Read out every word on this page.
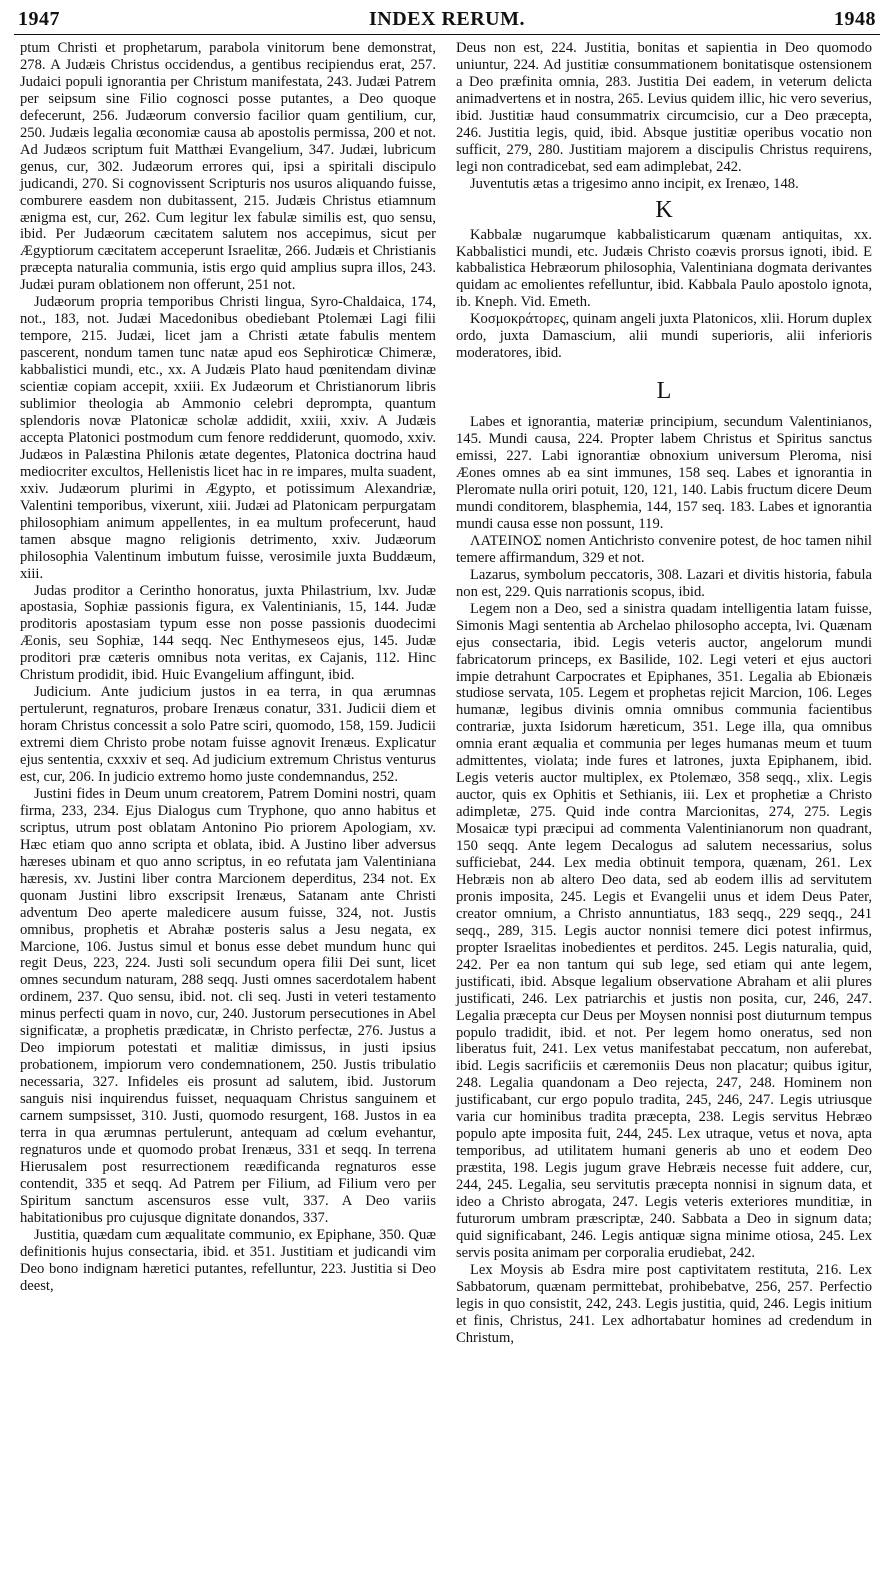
1947	INDEX RERUM.	1948

ptum Christi et prophetarum, parabola vinitorum bene demonstrat, 278. A Judæis Christus occidendus, a gentibus recipiendus erat, 257. Judaici populi ignorantia per Christum manifestata, 243. Judæi Patrem per seipsum sine Filio cognosci posse putantes, a Deo quoque defecerunt, 256. Judæorum conversio facilior quam gentilium, cur, 250. Judæis legalia œconomiæ causa ab apostolis permissa, 200 et not. Ad Judæos scriptum fuit Matthæi Evangelium, 347. Judæi, lubricum genus, cur, 302. Judæorum errores qui, ipsi a spiritali discipulo judicandi, 270. Si cognovissent Scripturis nos usuros aliquando fuisse, comburere easdem non dubitassent, 215. Judæis Christus etiamnum ænigma est, cur, 262. Cum legitur lex fabulæ similis est, quo sensu, ibid. Per Judæorum cæcitatem salutem nos accepimus, sicut per Ægyptiorum cæcitatem acceperunt Israelitæ, 266. Judæis et Christianis præcepta naturalia communia, istis ergo quid amplius supra illos, 243. Judæi puram oblationem non offerunt, 251 not.

Judæorum propria temporibus Christi lingua, Syro-Chaldaica, 174, not., 183, not. Judæi Macedonibus obediebant Ptolemæi Lagi filii tempore, 215. Judæi, licet jam a Christi ætate fabulis mentem pascerent, nondum tamen tunc natæ apud eos Sephiroticæ Chimeræ, kabbalistici mundi, etc., xx. A Judæis Plato haud pœnitendam divinæ scientiæ copiam accepit, xxiii. Ex Judæorum et Christianorum libris sublimior theologia ab Ammonio celebri deprompta, quantum splendoris novæ Platonicæ scholæ addidit, xxiii, xxiv. A Judæis accepta Platonici postmodum cum fenore reddiderunt, quomodo, xxiv. Judæos in Palæstina Philonis ætate degentes, Platonica doctrina haud mediocriter excultos, Hellenistis licet hac in re impares, multa suadent, xxiv. Judæorum plurimi in Ægypto, et potissimum Alexandriæ, Valentini temporibus, vixerunt, xiii. Judæi ad Platonicam perpurgatam philosophiam animum appellentes, in ea multum profecerunt, haud tamen absque magno religionis detrimento, xxiv. Judæorum philosophia Valentinum imbutum fuisse, verosimile juxta Buddæum, xiii.

Judas proditor a Cerintho honoratus, juxta Philastrium, lxv. Judæ apostasia, Sophiæ passionis figura, ex Valentinianis, 15, 144. Judæ proditoris apostasiam typum esse non posse passionis duodecimi Æonis, seu Sophiæ, 144 seqq. Nec Enthymeseos ejus, 145. Judæ proditori præ cæteris omnibus nota veritas, ex Cajanis, 112. Hinc Christum prodidit, ibid. Huic Evangelium affingunt, ibid.

Judicium. Ante judicium justos in ea terra, in qua ærumnas pertulerunt, regnaturos, probare Irenæus conatur, 331. Judicii diem et horam Christus concessit a solo Patre sciri, quomodo, 158, 159. Judicii extremi diem Christo probe notam fuisse agnovit Irenæus. Explicatur ejus sententia, cxxxiv et seq. Ad judicium extremum Christus venturus est, cur, 206. In judicio extremo homo juste condemnandus, 252.

Justini fides in Deum unum creatorem, Patrem Domini nostri, quam firma, 233, 234. Ejus Dialogus cum Tryphone, quo anno habitus et scriptus, utrum post oblatam Antonino Pio priorem Apologiam, xv. Hæc etiam quo anno scripta et oblata, ibid. A Justino liber adversus hæreses ubinam et quo anno scriptus, in eo refutata jam Valentiniana hæresis, xv. Justini liber contra Marcionem deperditus, 234 not. Ex quonam Justini libro exscripsit Irenæus, Satanam ante Christi adventum Deo aperte maledicere ausum fuisse, 324, not. Justis omnibus, prophetis et Abrahæ posteris salus a Jesu negata, ex Marcione, 106. Justus simul et bonus esse debet mundum hunc qui regit Deus, 223, 224. Justi soli secundum opera filii Dei sunt, licet omnes secundum naturam, 288 seqq. Justi omnes sacerdotalem habent ordinem, 237. Quo sensu, ibid. not. cli seq. Justi in veteri testamento minus perfecti quam in novo, cur, 240. Justorum persecutiones in Abel significatæ, a prophetis prædicatæ, in Christo perfectæ, 276. Justus a Deo impiorum potestati et malitiæ dimissus, in justi ipsius probationem, impiorum vero condemnationem, 250. Justis tribulatio necessaria, 327. Infideles eis prosunt ad salutem, ibid. Justorum sanguis nisi inquirendus fuisset, nequaquam Christus sanguinem et carnem sumpsisset, 310. Justi, quomodo resurgent, 168. Justos in ea terra in qua ærumnas pertulerunt, antequam ad cœlum evehantur, regnaturos unde et quomodo probat Irenæus, 331 et seqq. In terrena Hierusalem post resurrectionem reædificanda regnaturos esse contendit, 335 et seqq. Ad Patrem per Filium, ad Filium vero per Spiritum sanctum ascensuros esse vult, 337. A Deo variis habitationibus pro cujusque dignitate donandos, 337.

Justitia, quædam cum æqualitate communio, ex Epiphane, 350. Quæ definitionis hujus consectaria, ibid. et 351. Justitiam et judicandi vim Deo bono indignam hæretici putantes, refelluntur, 223. Justitia si Deo deest,

Deus non est, 224. Justitia, bonitas et sapientia in Deo quomodo uniuntur, 224. Ad justitiæ consummationem bonitatisque ostensionem a Deo præfinita omnia, 283. Justitia Dei eadem, in veterum delicta animadvertens et in nostra, 265. Levius quidem illic, hic vero severius, ibid. Justitiæ haud consummatrix circumcisio, cur a Deo præcepta, 246. Justitia legis, quid, ibid. Absque justitiæ operibus vocatio non sufficit, 279, 280. Justitiam majorem a discipulis Christus requirens, legi non contradicebat, sed eam adimplebat, 242.

Juventutis ætas a trigesimo anno incipit, ex Irenæo, 148.

K

Kabbalæ nugarumque kabbalisticarum quænam antiquitas, xx. Kabbalistici mundi, etc. Judæis Christo coævis prorsus ignoti, ibid. E kabbalistica Hebræorum philosophia, Valentiniana dogmata derivantes quidam ac emolientes refelluntur, ibid. Kabbala Paulo apostolo ignota, ib. Kneph. Vid. Emeth.

Κοσμοκράτορες, quinam angeli juxta Platonicos, xlii. Horum duplex ordo, juxta Damascium, alii mundi superioris, alii inferioris moderatores, ibid.

L

Labes et ignorantia, materiæ principium, secundum Valentinianos, 145. Mundi causa, 224. Propter labem Christus et Spiritus sanctus emissi, 227. Labi ignorantiæ obnoxium universum Pleroma, nisi Æones omnes ab ea sint immunes, 158 seq. Labes et ignorantia in Pleromate nulla oriri potuit, 120, 121, 140. Labis fructum dicere Deum mundi conditorem, blasphemia, 144, 157 seq. 183. Labes et ignorantia mundi causa esse non possunt, 119.

ΛΑΤΕΙΝΟΣ nomen Antichristo convenire potest, de hoc tamen nihil temere affirmandum, 329 et not.

Lazarus, symbolum peccatoris, 308. Lazari et divitis historia, fabula non est, 229. Quis narrationis scopus, ibid.

Legem non a Deo, sed a sinistra quadam intelligentia latam fuisse, Simonis Magi sententia ab Archelao philosopho accepta, lvi. Quænam ejus consectaria, ibid. Legis veteris auctor, angelorum mundi fabricatorum princeps, ex Basilide, 102. Legi veteri et ejus auctori impie detrahunt Carpocrates et Epiphanes, 351. Legalia ab Ebionæis studiose servata, 105. Legem et prophetas rejicit Marcion, 106. Leges humanæ, legibus divinis omnia omnibus communia facientibus contrariæ, juxta Isidorum hæreticum, 351. Lege illa, qua omnibus omnia erant æqualia et communia per leges humanas meum et tuum admittentes, violata; inde fures et latrones, juxta Epiphanem, ibid. Legis veteris auctor multiplex, ex Ptolemæo, 358 seqq., xlix. Legis auctor, quis ex Ophitis et Sethianis, iii. Lex et prophetiæ a Christo adimpletæ, 275. Quid inde contra Marcionitas, 274, 275. Legis Mosaicæ typi præcipui ad commenta Valentinianorum non quadrant, 150 seqq. Ante legem Decalogus ad salutem necessarius, solus sufficiebat, 244. Lex media obtinuit tempora, quænam, 261. Lex Hebræis non ab altero Deo data, sed ab eodem illis ad servitutem pronis imposita, 245. Legis et Evangelii unus et idem Deus Pater, creator omnium, a Christo annuntiatus, 183 seqq., 229 seqq., 241 seqq., 289, 315. Legis auctor nonnisi temere dici potest infirmus, propter Israelitas inobedientes et perditos. 245. Legis naturalia, quid, 242. Per ea non tantum qui sub lege, sed etiam qui ante legem, justificati, ibid. Absque legalium observatione Abraham et alii plures justificati, 246. Lex patriarchis et justis non posita, cur, 246, 247. Legalia præcepta cur Deus per Moysen nonnisi post diuturnum tempus populo tradidit, ibid. et not. Per legem homo oneratus, sed non liberatus fuit, 241. Lex vetus manifestabat peccatum, non auferebat, ibid. Legis sacrificiis et cæremoniis Deus non placatur; quibus igitur, 248. Legalia quandonam a Deo rejecta, 247, 248. Hominem non justificabant, cur ergo populo tradita, 245, 246, 247. Legis utriusque varia cur hominibus tradita præcepta, 238. Legis servitus Hebræo populo apte imposita fuit, 244, 245. Lex utraque, vetus et nova, apta temporibus, ad utilitatem humani generis ab uno et eodem Deo præstita, 198. Legis jugum grave Hebræis necesse fuit addere, cur, 244, 245. Legalia, seu servitutis præcepta nonnisi in signum data, et ideo a Christo abrogata, 247. Legis veteris exteriores munditiæ, in futurorum umbram præscriptæ, 240. Sabbata a Deo in signum data; quid significabant, 246. Legis antiquæ signa minime otiosa, 245. Lex servis posita animam per corporalia erudiebat, 242.

Lex Moysis ab Esdra mire post captivitatem restituta, 216. Lex Sabbatorum, quænam permittebat, prohibebatve, 256, 257. Perfectio legis in quo consistit, 242, 243. Legis justitia, quid, 246. Legis initium et finis, Christus, 241. Lex adhortabatur homines ad credendum in Christum,
